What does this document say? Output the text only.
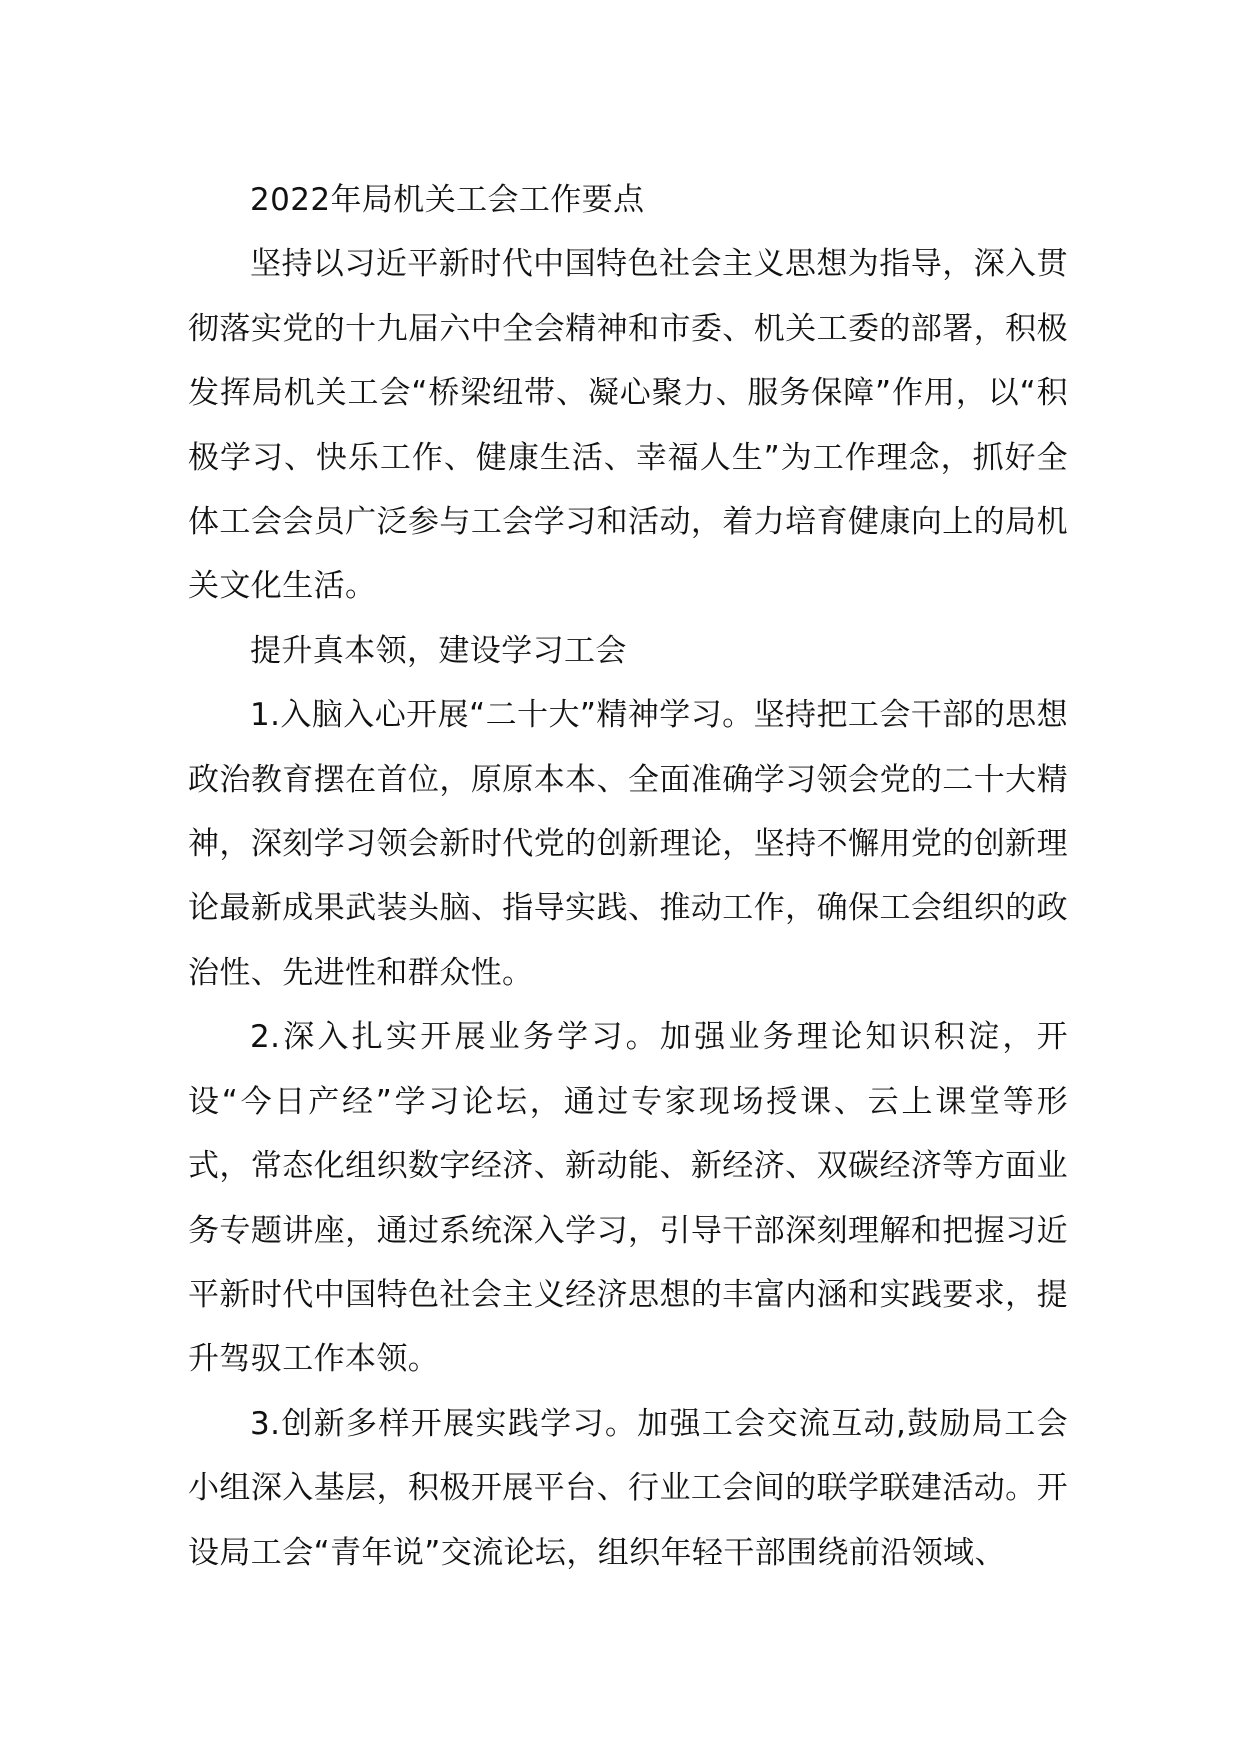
2022年局机关工会工作要点

坚持以习近平新时代中国特色社会主义思想为指导，深入贯彻落实党的十九届六中全会精神和市委、机关工委的部署，积极发挥局机关工会“桥梁纽带、凝心聚力、服务保障”作用，以“积极学习、快乐工作、健康生活、幸福人生”为工作理念，抓好全体工会会员广泛参与工会学习和活动，着力培育健康向上的局机关文化生活。

提升真本领，建设学习工会

1.入脑入心开展“二十大”精神学习。坚持把工会干部的思想政治教育摆在首位，原原本本、全面准确学习领会党的二十大精神，深刻学习领会新时代党的创新理论，坚持不懈用党的创新理论最新成果武装头脑、指导实践、推动工作，确保工会组织的政治性、先进性和群众性。

2.深入扎实开展业务学习。加强业务理论知识积淀，开设“今日产经”学习论坛，通过专家现场授课、云上课堂等形式，常态化组织数字经济、新动能、新经济、双碳经济等方面业务专题讲座，通过系统深入学习，引导干部深刻理解和把握习近平新时代中国特色社会主义经济思想的丰富内涵和实践要求，提升驾驭工作本领。

3.创新多样开展实践学习。加强工会交流互动,鼓励局工会小组深入基层，积极开展平台、行业工会间的联学联建活动。开设局工会“青年说”交流论坛，组织年轻干部围绕前沿领域、
